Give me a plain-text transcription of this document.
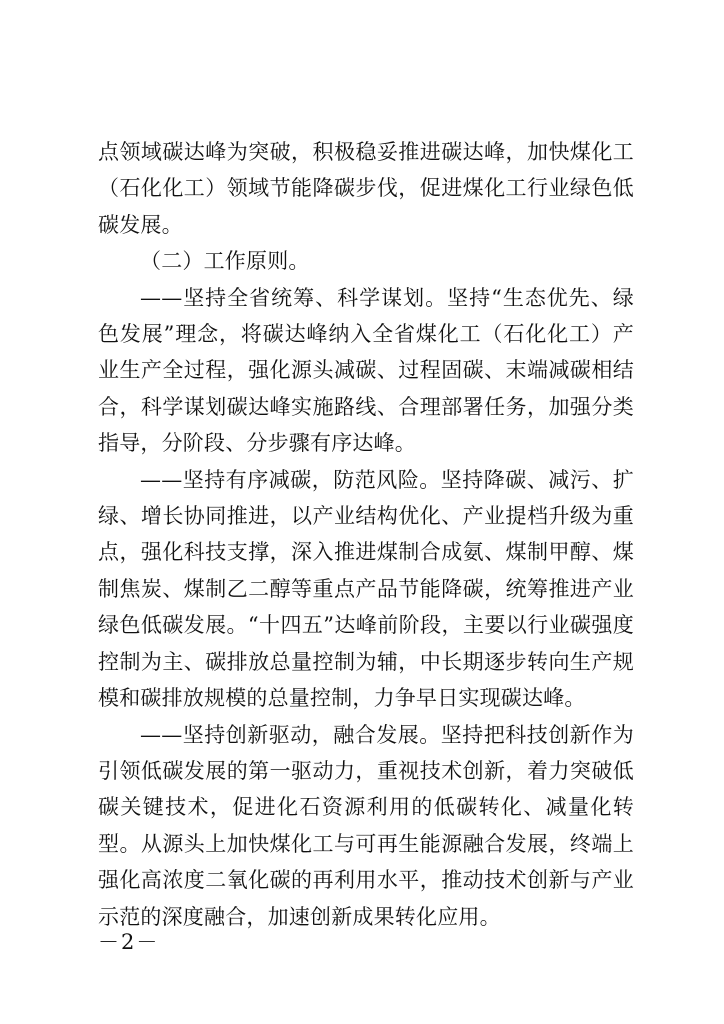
点领域碳达峰为突破，积极稳妥推进碳达峰，加快煤化工（石化化工）领域节能降碳步伐，促进煤化工行业绿色低碳发展。

（二）工作原则。

——坚持全省统筹、科学谋划。坚持“生态优先、绿色发展”理念，将碳达峰纳入全省煤化工（石化化工）产业生产全过程，强化源头减碳、过程固碳、末端减碳相结合，科学谋划碳达峰实施路线、合理部署任务，加强分类指导，分阶段、分步骤有序达峰。

——坚持有序减碳，防范风险。坚持降碳、减污、扩绿、增长协同推进，以产业结构优化、产业提档升级为重点，强化科技支撑，深入推进煤制合成氨、煤制甲醇、煤制焦炭、煤制乙二醇等重点产品节能降碳，统筹推进产业绿色低碳发展。“十四五”达峰前阶段，主要以行业碳强度控制为主、碳排放总量控制为辅，中长期逐步转向生产规模和碳排放规模的总量控制，力争早日实现碳达峰。

——坚持创新驱动，融合发展。坚持把科技创新作为引领低碳发展的第一驱动力，重视技术创新，着力突破低碳关键技术，促进化石资源利用的低碳转化、减量化转型。从源头上加快煤化工与可再生能源融合发展，终端上强化高浓度二氧化碳的再利用水平，推动技术创新与产业示范的深度融合，加速创新成果转化应用。

－2－
